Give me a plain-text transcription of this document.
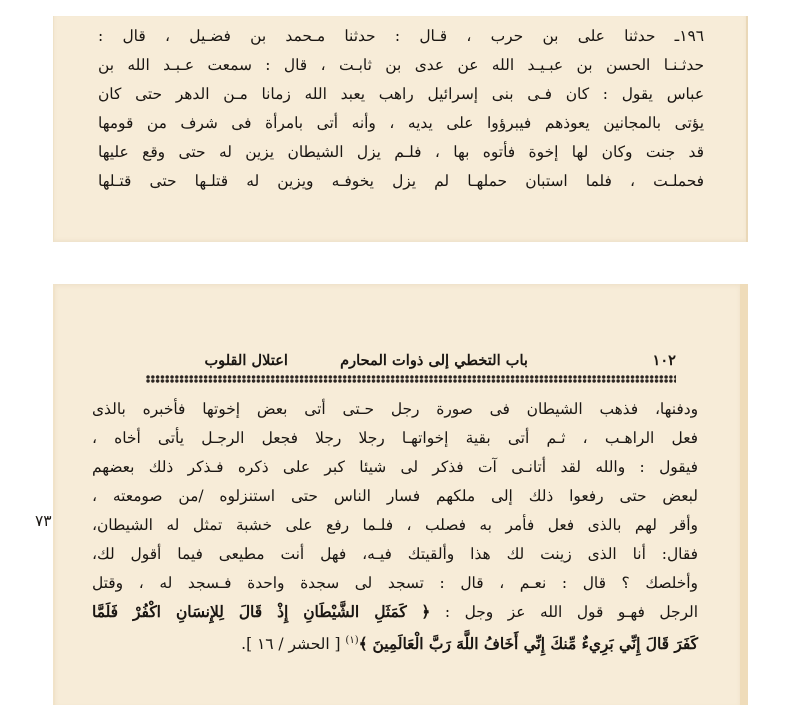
١٩٦ـ حدثنا على بن حرب ، قـال : حدثنا مـحمد بن فضـيل ، قال :
حدثـنـا الحسن بن عبـيـد الله عن عدى بن ثابـت ، قال : سمعت عـبـد الله بن
عباس يقول : كان فـى بنى إسرائيل راهب يعبد الله زمانا مـن الدهر حتى كان
يؤتى بالمجانين يعوذهم فيبرؤوا على يديه ، وأنه أتى بامرأة فى شرف من قومها
قد جنت وكان لها إخوة فأتوه بها ، فلـم يزل الشيطان يزين له حتى وقع عليها
فحملـت ، فلما استبان حملهـا لم يزل يخوفـه ويزين له قتلـها حتى قتـلها
١٠٢
باب التخطي إلى ذوات المحارم
اعتلال القلوب
ودفنها، فذهب الشيطان فى صورة رجل حـتى أتى بعض إخوتها فأخبره بالذى
فعل الراهـب ، ثـم أتى بقية إخواتهـا رجلا رجلا فجعل الرجـل يأتى أخاه ،
فيقول : والله لقد أتانـى آت فذكر لى شيئا كبر على ذكره فـذكر ذلك بعضهم
لبعض حتى رفعوا ذلك إلى ملكهم فسار الناس حتى استنزلوه /من صومعته ،
وأقر لهم بالذى فعل فأمر به فصلب ، فلـما رفع على خشبة تمثل له الشيطان،
فقال: أنا الذى زينت لك هذا وألقيتك فيـه، فهل أنت مطيعى فيما أقول لك،
وأخلصك ؟ قال : نعـم ، قال : تسجد لى سجدة واحدة فـسجد له ، وقتل
الرجل فهـو قول الله عز وجل : ﴿ كَمَثَلِ الشَّيْطَانِ إِذْ قَالَ لِلإِنسَانِ اكْفُرْ فَلَمَّا
كَفَرَ قَالَ إِنِّي بَرِيءٌ مِّنكَ إِنِّي أَخَافُ اللَّهَ رَبَّ الْعَالَمِينَ ﴾$^{(١)}$ [ الحشر / ١٦ ].
٧٣
